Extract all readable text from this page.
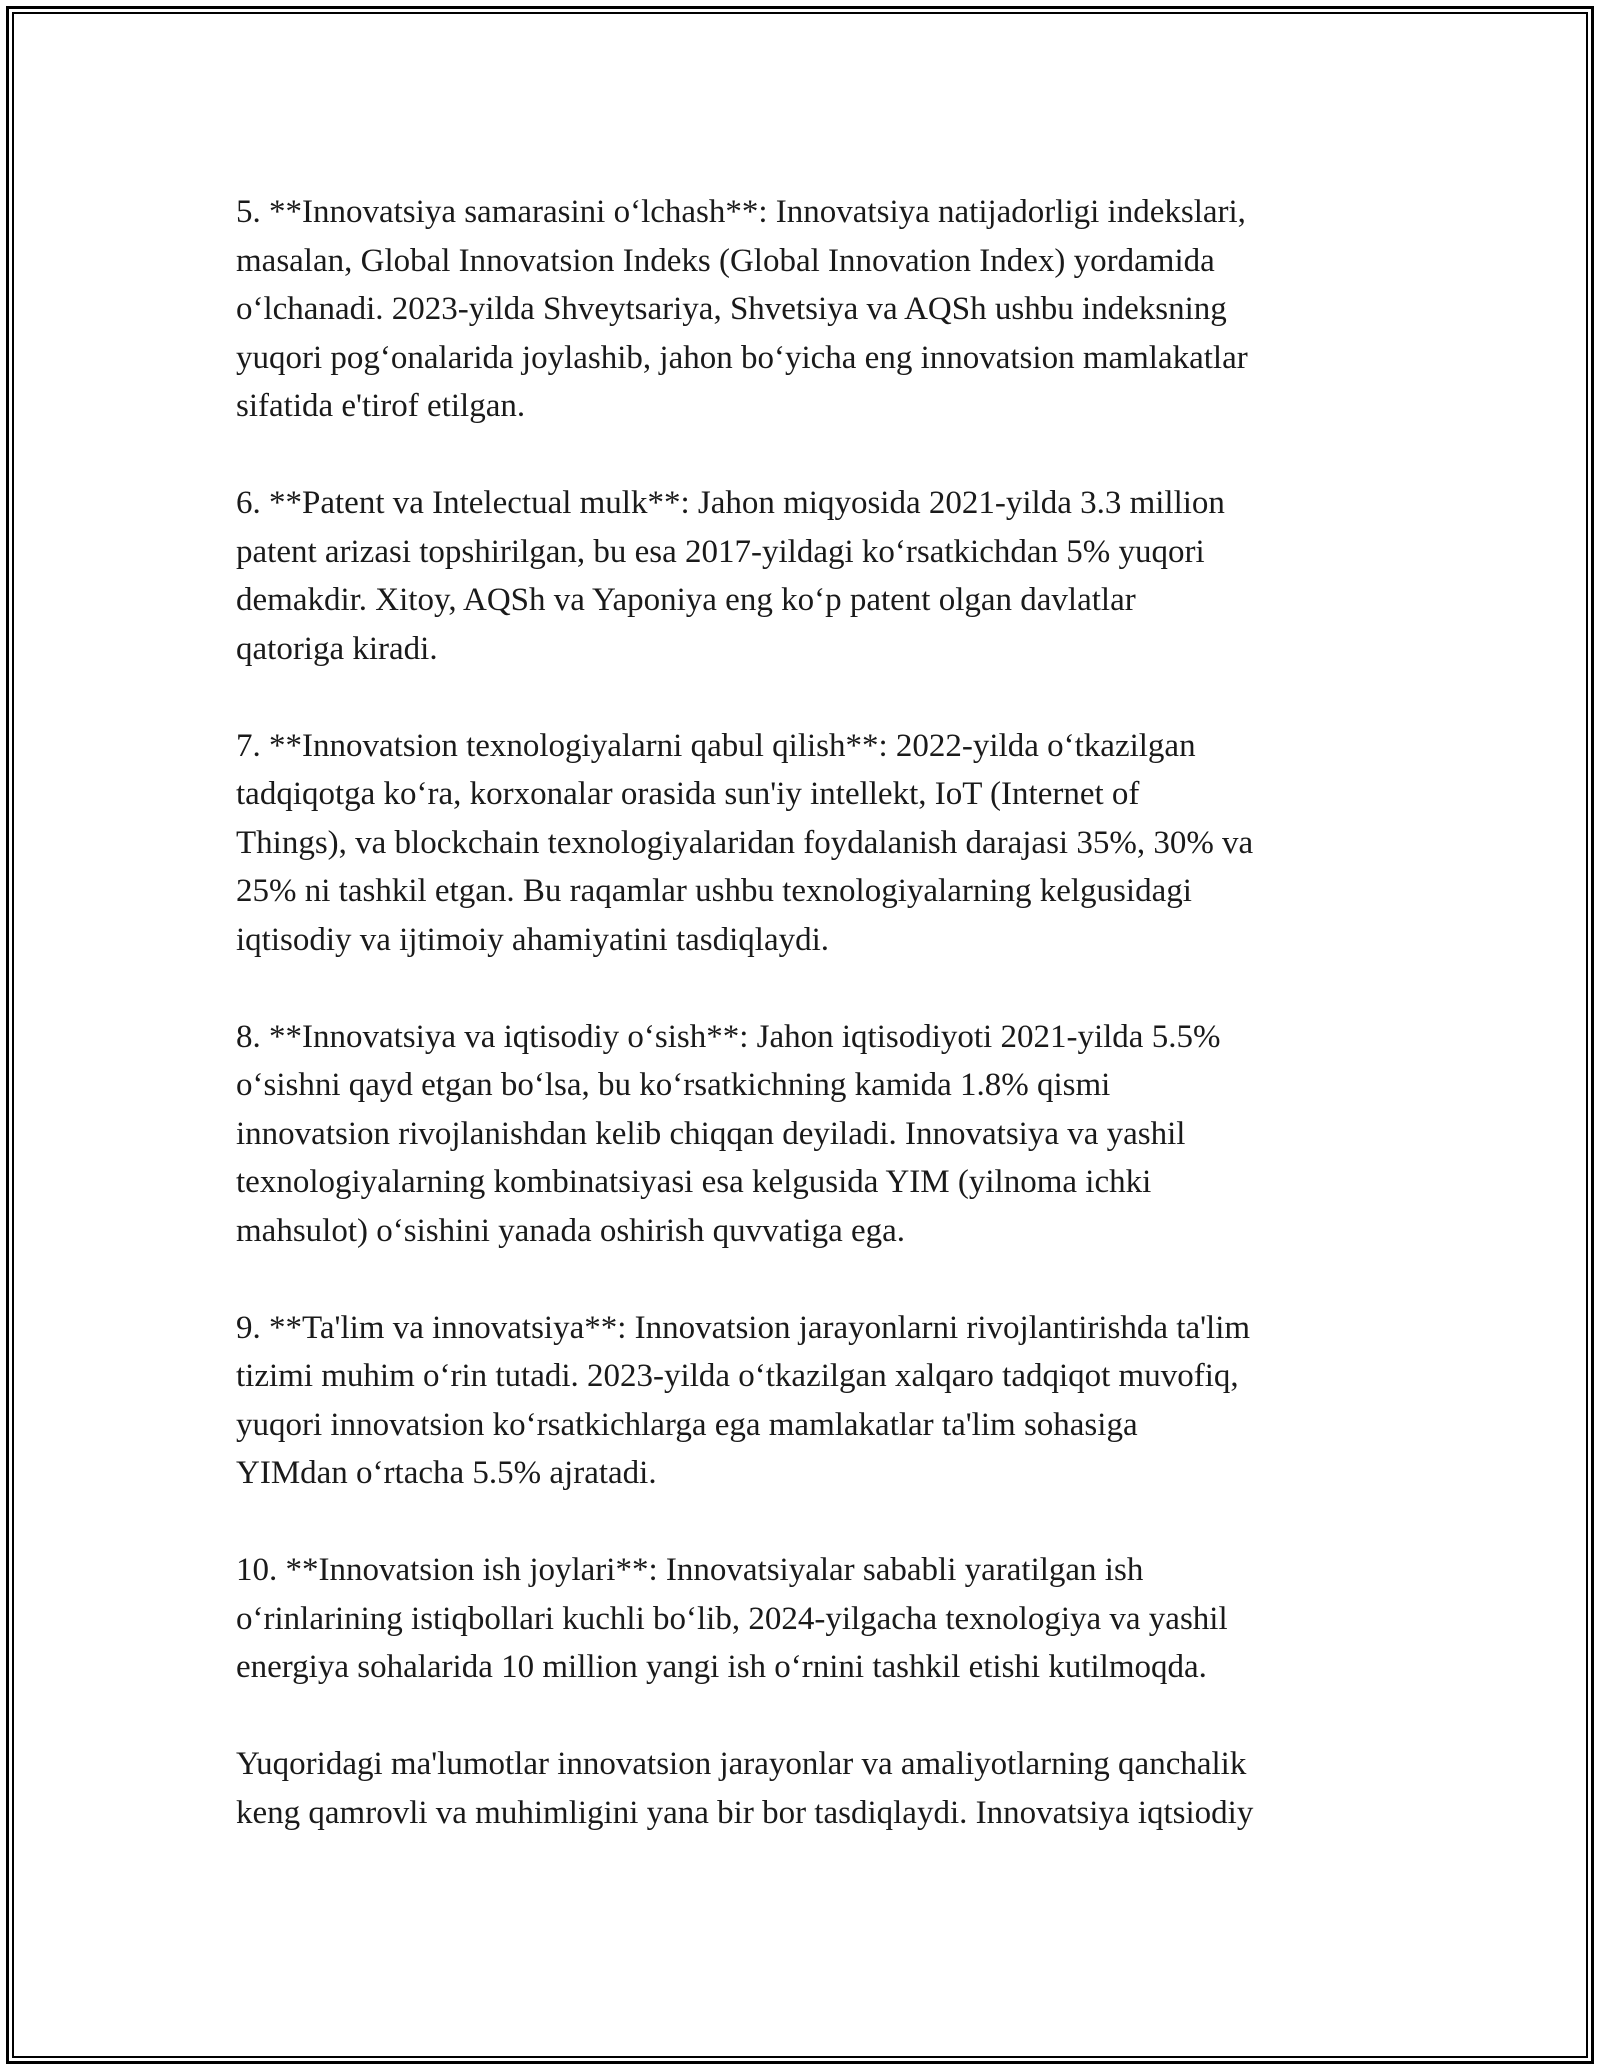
5. **Innovatsiya samarasini o‘lchash**: Innovatsiya natijadorligi indekslari,
masalan, Global Innovatsion Indeks (Global Innovation Index) yordamida
o‘lchanadi. 2023-yilda Shveytsariya, Shvetsiya va AQSh ushbu indeksning
yuqori pog‘onalarida joylashib, jahon bo‘yicha eng innovatsion mamlakatlar
sifatida e'tirof etilgan.

6. **Patent va Intelectual mulk**: Jahon miqyosida 2021-yilda 3.3 million
patent arizasi topshirilgan, bu esa 2017-yildagi ko‘rsatkichdan 5% yuqori
demakdir. Xitoy, AQSh va Yaponiya eng ko‘p patent olgan davlatlar
qatoriga kiradi.

7. **Innovatsion texnologiyalarni qabul qilish**: 2022-yilda o‘tkazilgan
tadqiqotga ko‘ra, korxonalar orasida sun'iy intellekt, IoT (Internet of
Things), va blockchain texnologiyalaridan foydalanish darajasi 35%, 30% va
25% ni tashkil etgan. Bu raqamlar ushbu texnologiyalarning kelgusidagi
iqtisodiy va ijtimoiy ahamiyatini tasdiqlaydi.

8. **Innovatsiya va iqtisodiy o‘sish**: Jahon iqtisodiyoti 2021-yilda 5.5%
o‘sishni qayd etgan bo‘lsa, bu ko‘rsatkichning kamida 1.8% qismi
innovatsion rivojlanishdan kelib chiqqan deyiladi. Innovatsiya va yashil
texnologiyalarning kombinatsiyasi esa kelgusida YIM (yilnoma ichki
mahsulot) o‘sishini yanada oshirish quvvatiga ega.

9. **Ta'lim va innovatsiya**: Innovatsion jarayonlarni rivojlantirishda ta'lim
tizimi muhim o‘rin tutadi. 2023-yilda o‘tkazilgan xalqaro tadqiqot muvofiq,
yuqori innovatsion ko‘rsatkichlarga ega mamlakatlar ta'lim sohasiga
YIMdan o‘rtacha 5.5% ajratadi.

10. **Innovatsion ish joylari**: Innovatsiyalar sababli yaratilgan ish
o‘rinlarining istiqbollari kuchli bo‘lib, 2024-yilgacha texnologiya va yashil
energiya sohalarida 10 million yangi ish o‘rnini tashkil etishi kutilmoqda.

Yuqoridagi ma'lumotlar innovatsion jarayonlar va amaliyotlarning qanchalik
keng qamrovli va muhimligini yana bir bor tasdiqlaydi. Innovatsiya iqtsiodiy
